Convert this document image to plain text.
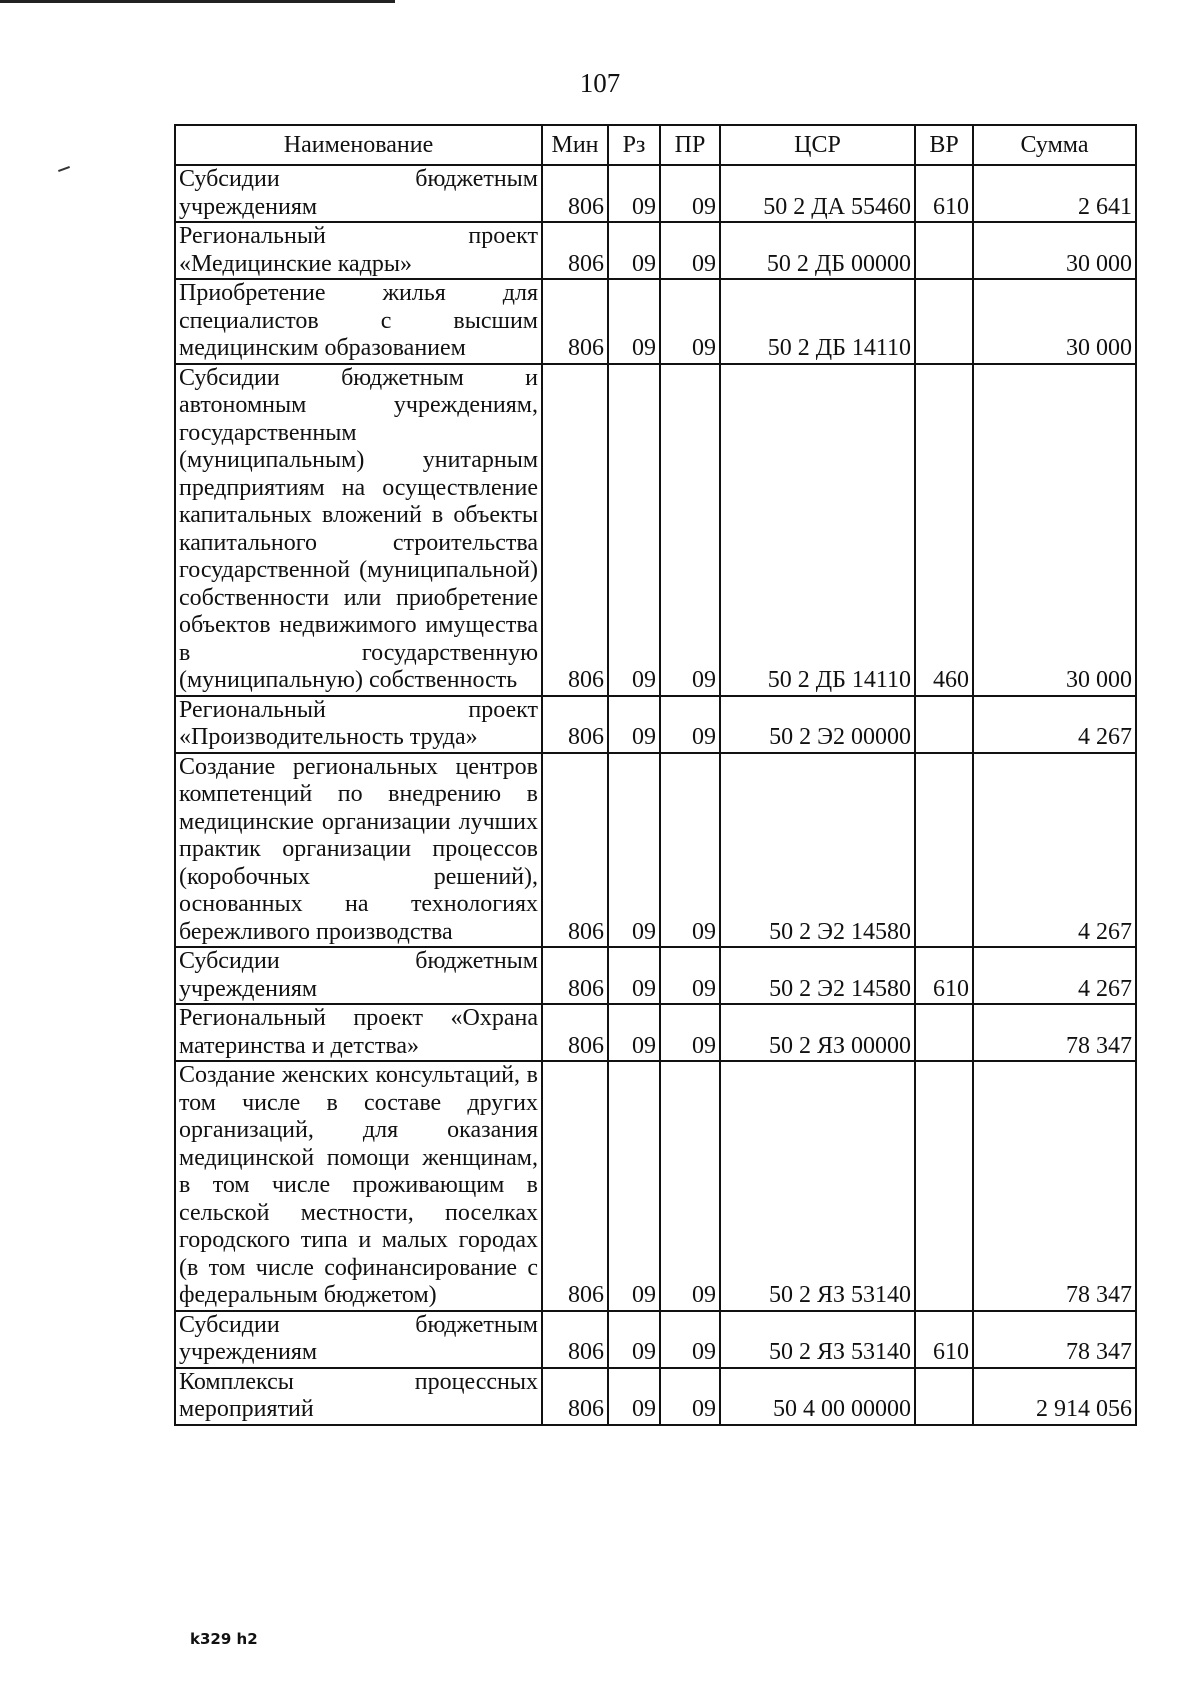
107
Наименование	Мин	Рз	ПР	ЦСР	ВР	Сумма
Субсидии бюджетным учреждениям	806	09	09	50 2 ДА 55460	610	2 641
Региональный проект «Медицинские кадры»	806	09	09	50 2 ДБ 00000		30 000
Приобретение жилья для специалистов с высшим медицинским образованием	806	09	09	50 2 ДБ 14110		30 000
Субсидии бюджетным и автономным учреждениям, государственным (муниципальным) унитарным предприятиям на осуществление капитальных вложений в объекты капитального строительства государственной (муниципальной) собственности или приобретение объектов недвижимого имущества в государственную (муниципальную) собственность	806	09	09	50 2 ДБ 14110	460	30 000
Региональный проект «Производительность труда»	806	09	09	50 2 Э2 00000		4 267
Создание региональных центров компетенций по внедрению в медицинские организации лучших практик организации процессов (коробочных решений), основанных на технологиях бережливого производства	806	09	09	50 2 Э2 14580		4 267
Субсидии бюджетным учреждениям	806	09	09	50 2 Э2 14580	610	4 267
Региональный проект «Охрана материнства и детства»	806	09	09	50 2 ЯЗ 00000		78 347
Создание женских консультаций, в том числе в составе других организаций, для оказания медицинской помощи женщинам, в том числе проживающим в сельской местности, поселках городского типа и малых городах (в том числе софинансирование с федеральным бюджетом)	806	09	09	50 2 ЯЗ 53140		78 347
Субсидии бюджетным учреждениям	806	09	09	50 2 ЯЗ 53140	610	78 347
Комплексы процессных мероприятий	806	09	09	50 4 00 00000		2 914 056
k329 h2
